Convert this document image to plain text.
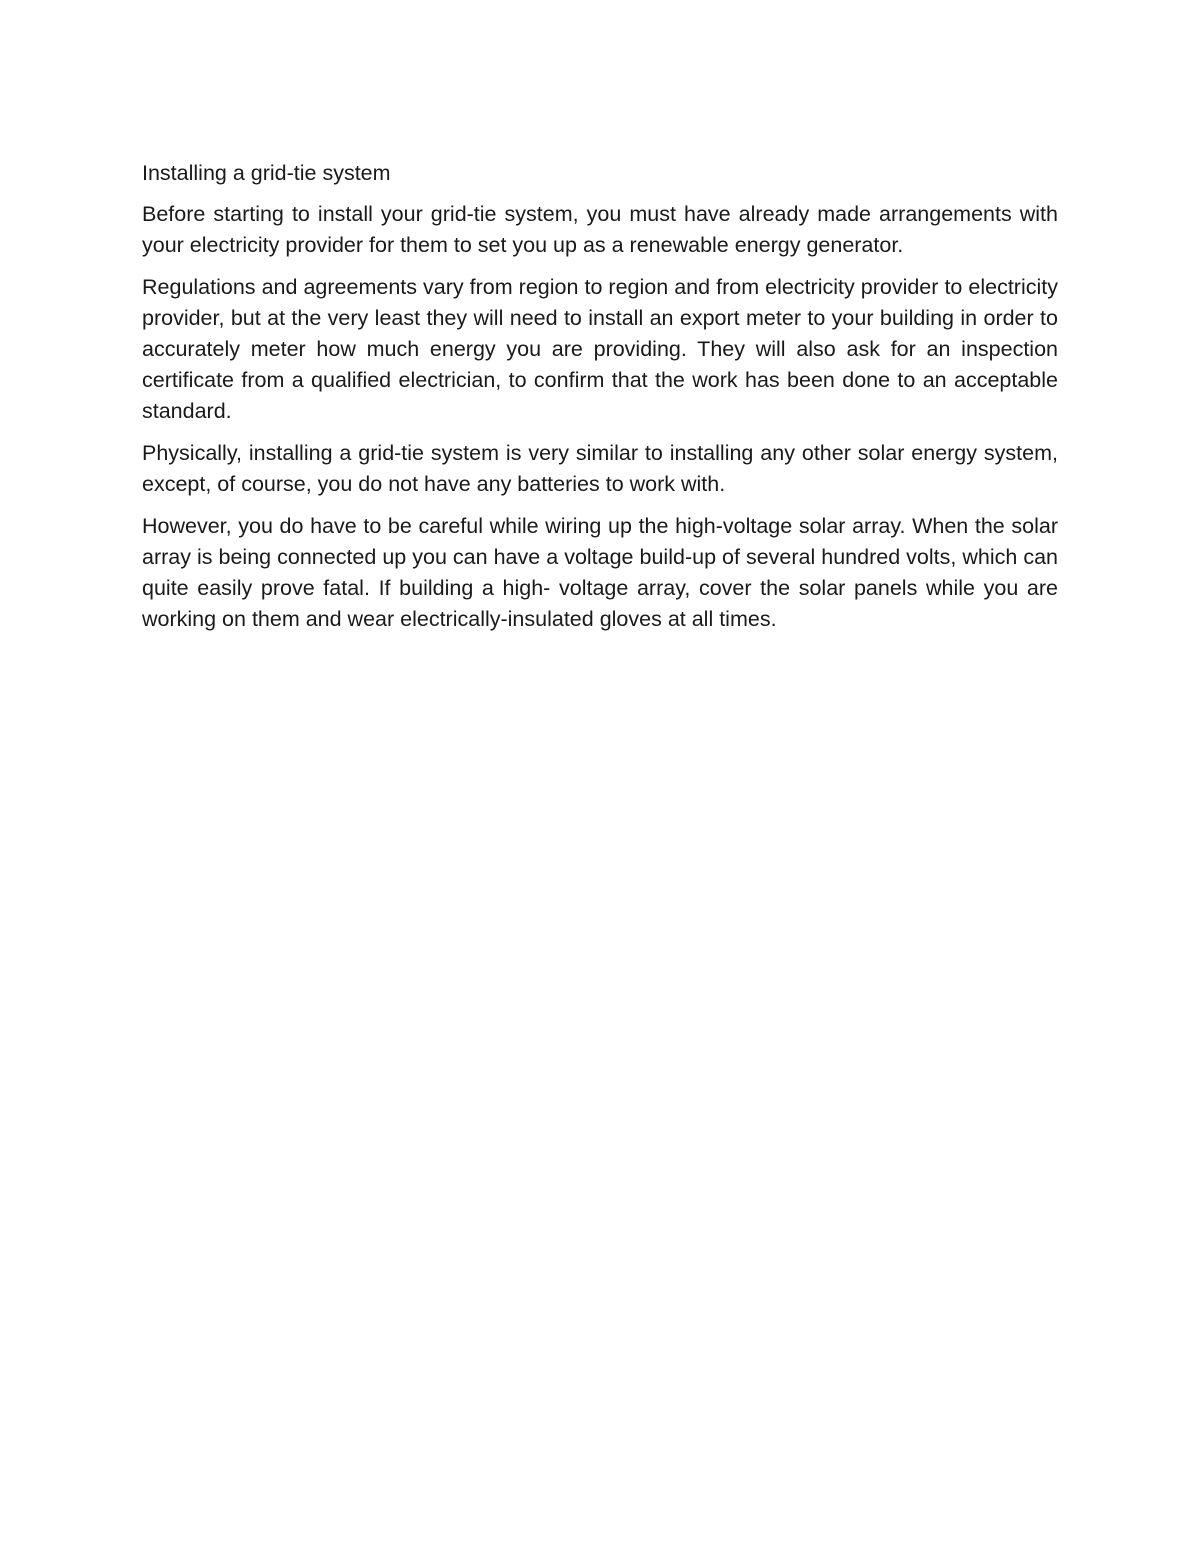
Installing a grid-tie system

Before starting to install your grid-tie system, you must have already made arrangements with your electricity provider for them to set you up as a renewable energy generator.

Regulations and agreements vary from region to region and from electricity provider to electricity provider, but at the very least they will need to install an export meter to your building in order to accurately meter how much energy you are providing. They will also ask for an inspection certificate from a qualified electrician, to confirm that the work has been done to an acceptable standard.

Physically, installing a grid-tie system is very similar to installing any other solar energy system, except, of course, you do not have any batteries to work with.

However, you do have to be careful while wiring up the high-voltage solar array. When the solar array is being connected up you can have a voltage build-up of several hundred volts, which can quite easily prove fatal. If building a high- voltage array, cover the solar panels while you are working on them and wear electrically-insulated gloves at all times.
